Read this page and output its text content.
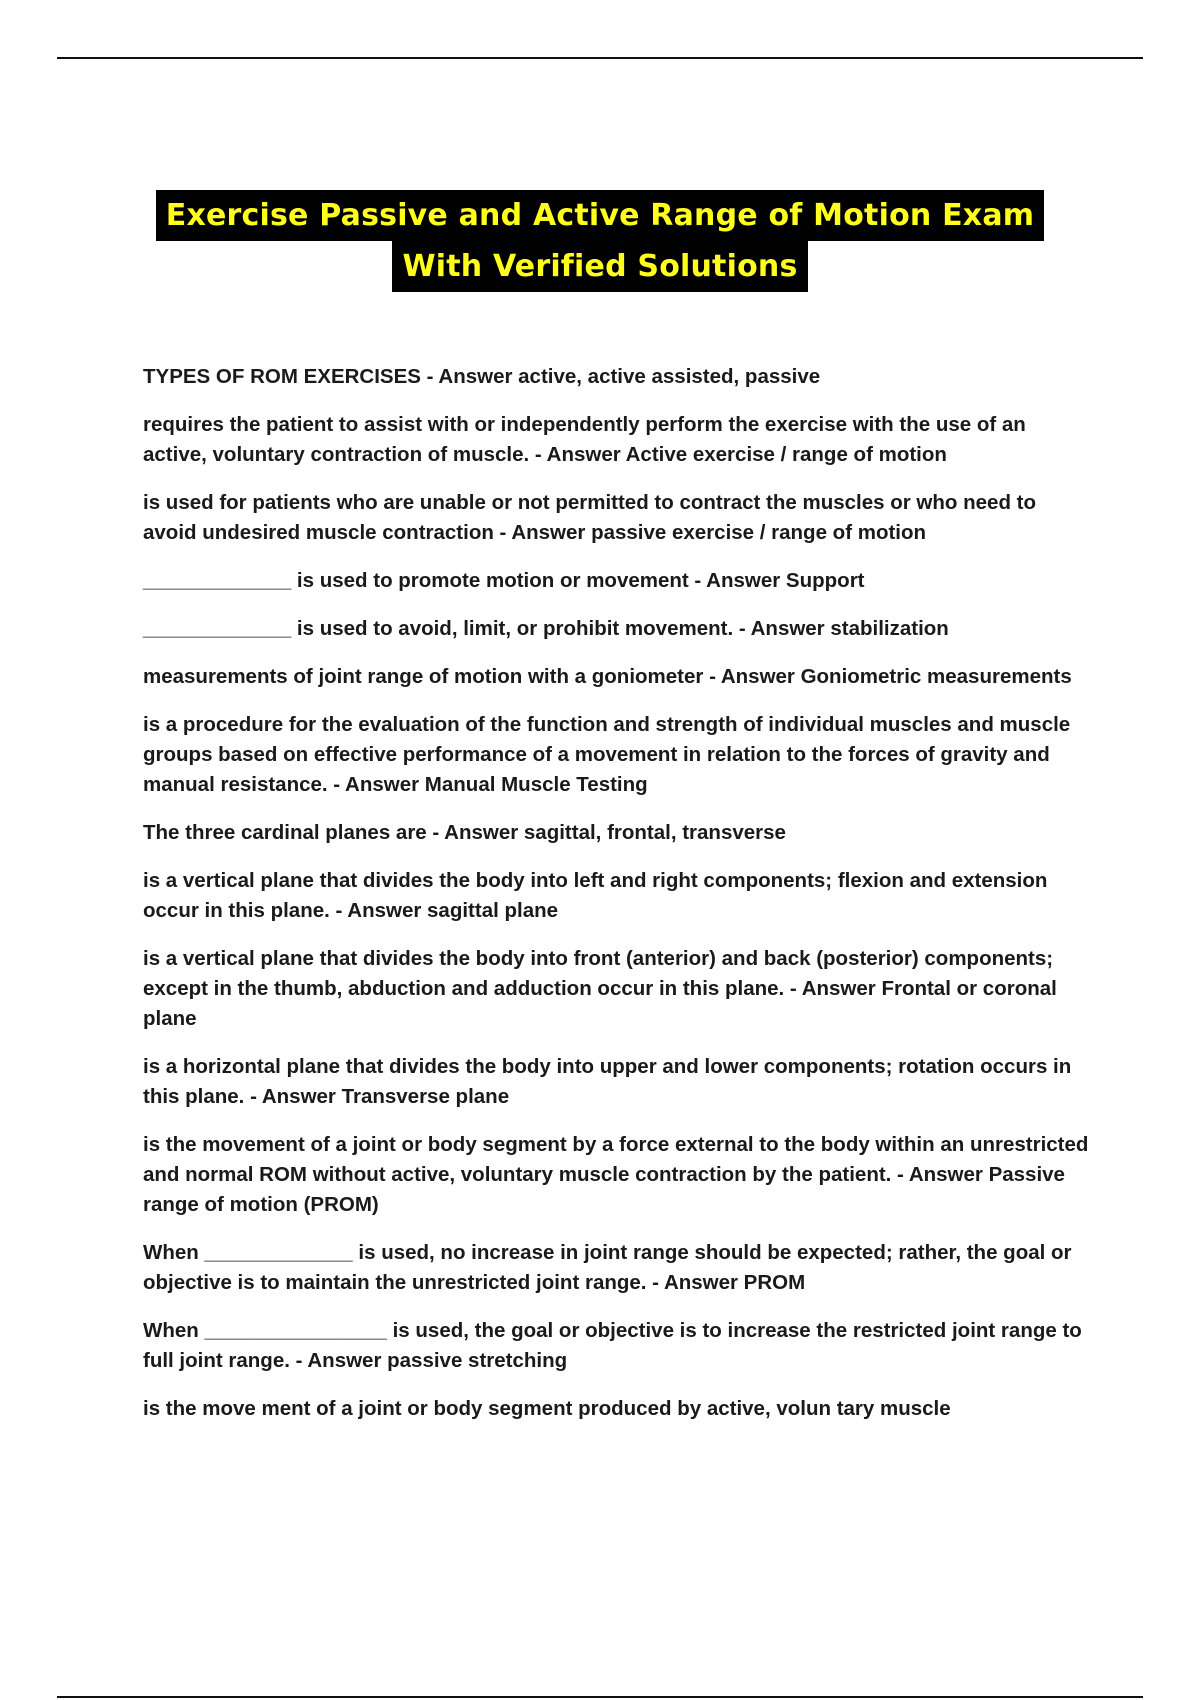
Exercise Passive and Active Range of Motion Exam
With Verified Solutions

TYPES OF ROM EXERCISES - Answer active, active assisted, passive

requires the patient to assist with or independently perform the exercise with the use of an active, voluntary contraction of muscle. - Answer Active exercise / range of motion

is used for patients who are unable or not permitted to contract the muscles or who need to avoid undesired muscle contraction - Answer passive exercise / range of motion

_____________ is used to promote motion or movement - Answer Support

_____________ is used to avoid, limit, or prohibit movement. - Answer stabilization

measurements of joint range of motion with a goniometer - Answer Goniometric measurements

is a procedure for the evaluation of the function and strength of individual muscles and muscle groups based on effective performance of a movement in relation to the forces of gravity and manual resistance. - Answer Manual Muscle Testing

The three cardinal planes are - Answer sagittal, frontal, transverse

is a vertical plane that divides the body into left and right components; flexion and extension occur in this plane. - Answer sagittal plane

is a vertical plane that divides the body into front (anterior) and back (posterior) components; except in the thumb, abduction and adduction occur in this plane. - Answer Frontal or coronal plane

is a horizontal plane that divides the body into upper and lower components; rotation occurs in this plane. - Answer Transverse plane

is the movement of a joint or body segment by a force external to the body within an unrestricted and normal ROM without active, voluntary muscle contraction by the patient. - Answer Passive range of motion (PROM)

When _____________ is used, no increase in joint range should be expected; rather, the goal or objective is to maintain the unrestricted joint range. - Answer PROM

When ________________ is used, the goal or objective is to increase the restricted joint range to full joint range. - Answer passive stretching

is the move ment of a joint or body segment produced by active, volun tary muscle
